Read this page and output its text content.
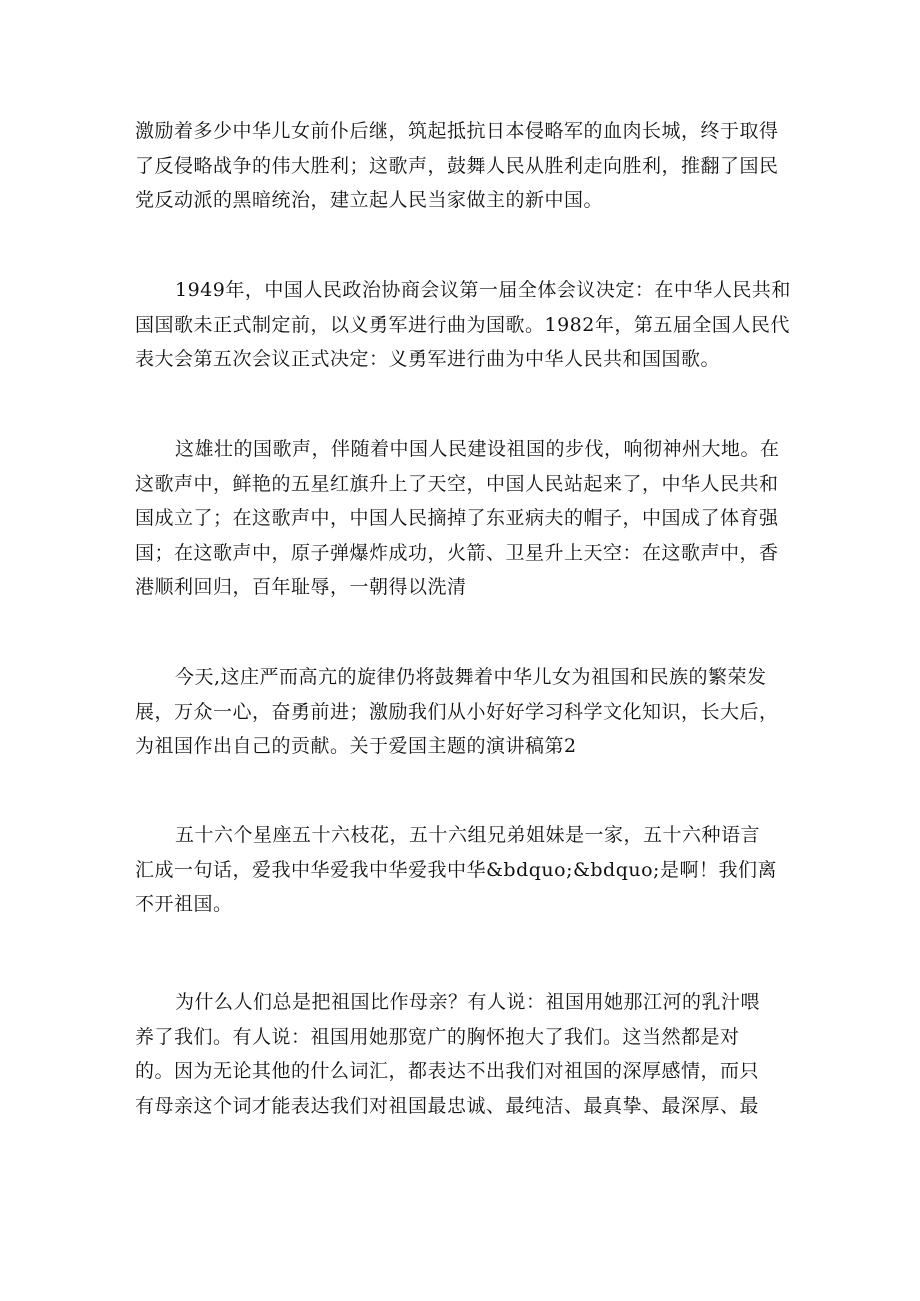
激励着多少中华儿女前仆后继，筑起抵抗日本侵略军的血肉长城，终于取得
了反侵略战争的伟大胜利；这歌声，鼓舞人民从胜利走向胜利，推翻了国民
党反动派的黑暗统治，建立起人民当家做主的新中国。
1949年，中国人民政治协商会议第一届全体会议决定：在中华人民共和
国国歌未正式制定前，以义勇军进行曲为国歌。1982年，第五届全国人民代
表大会第五次会议正式决定：义勇军进行曲为中华人民共和国国歌。
这雄壮的国歌声，伴随着中国人民建设祖国的步伐，响彻神州大地。在
这歌声中，鲜艳的五星红旗升上了天空，中国人民站起来了，中华人民共和
国成立了；在这歌声中，中国人民摘掉了东亚病夫的帽子，中国成了体育强
国；在这歌声中，原子弹爆炸成功，火箭、卫星升上天空：在这歌声中，香
港顺利回归，百年耻辱，一朝得以洗清
今天,这庄严而高亢的旋律仍将鼓舞着中华儿女为祖国和民族的繁荣发
展，万众一心，奋勇前进；激励我们从小好好学习科学文化知识，长大后，
为祖国作出自己的贡献。关于爱国主题的演讲稿第2
五十六个星座五十六枝花，五十六组兄弟姐妹是一家，五十六种语言
汇成一句话，爱我中华爱我中华爱我中华&bdquo;&bdquo;是啊！我们离
不开祖国。
为什么人们总是把祖国比作母亲？有人说：祖国用她那江河的乳汁喂
养了我们。有人说：祖国用她那宽广的胸怀抱大了我们。这当然都是对
的。因为无论其他的什么词汇，都表达不出我们对祖国的深厚感情，而只
有母亲这个词才能表达我们对祖国最忠诚、最纯洁、最真挚、最深厚、最
